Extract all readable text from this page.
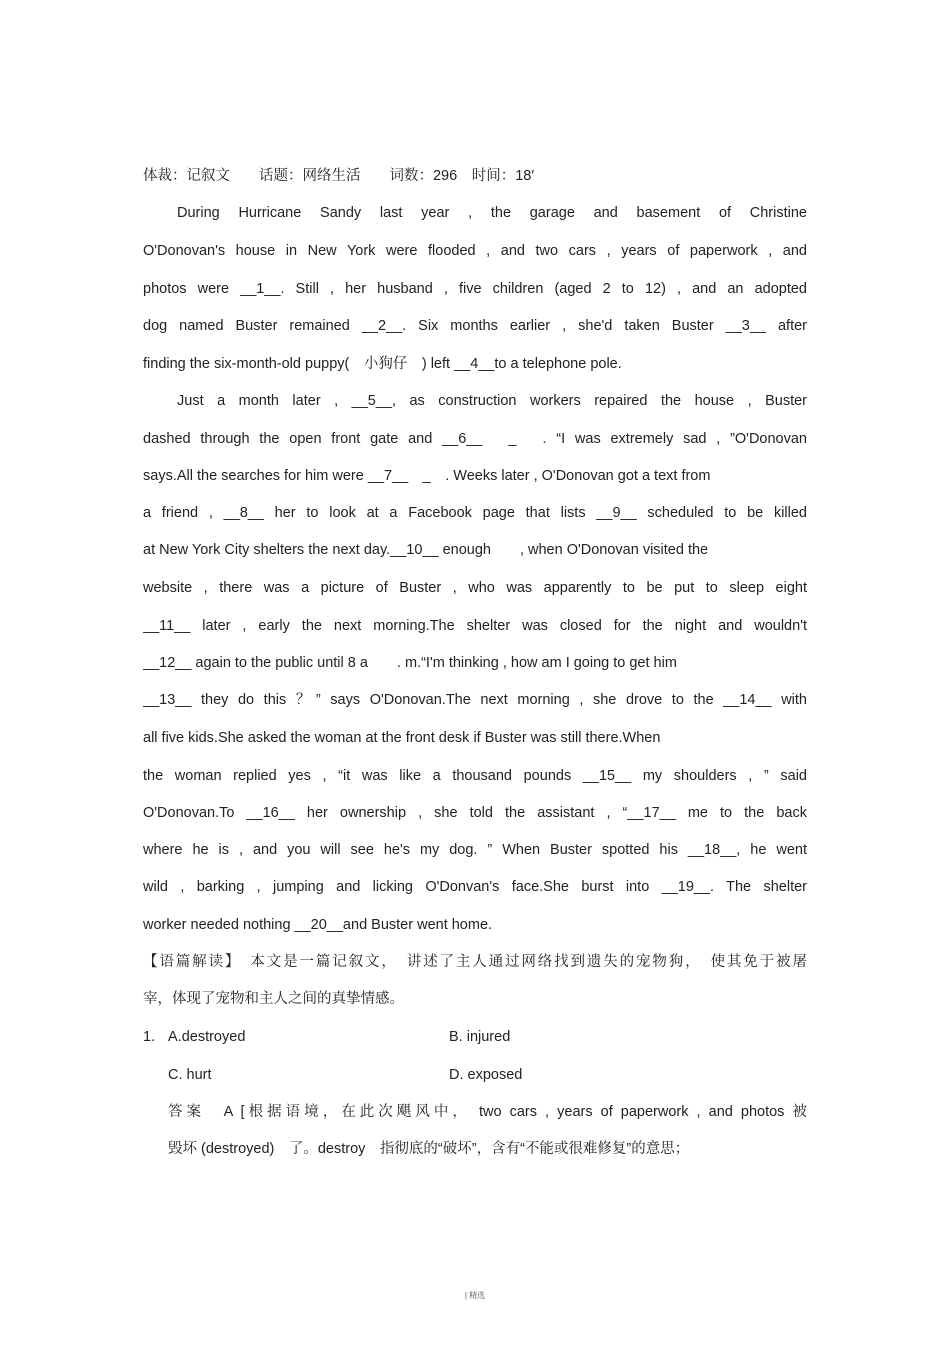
体裁：记叙文　　话题：网络生活　　词数：296　时间：18′
During Hurricane Sandy last year , the garage and basement of Christine
O'Donovan's house in New York were flooded , and two cars , years of paperwork , and
photos were __1__. Still , her husband , five children (aged 2 to 12) , and an adopted
dog named Buster remained __2__. Six months earlier , she'd taken Buster __3__ after
finding the six-month-old puppy(　小狗仔　) left __4__to a telephone pole.
Just a month later , __5__, as construction workers repaired the house , Buster
dashed through the open front gate and __6__　_　. “I was extremely sad , ”O'Donovan
says.All the searches for him were __7__　_　. Weeks later , O'Donovan got a text from
a friend , __8__ her to look at a Facebook page that lists __9__ scheduled to be killed
at New York City shelters the next day.__10__ enough　　, when O'Donovan visited the
website , there was a picture of Buster , who was apparently to be put to sleep eight
__11__ later , early the next morning.The shelter was closed for the night and wouldn't
__12__ again to the public until 8 a　　. m.“I'm thinking , how am I going to get him
__13__ they do this ？” says O'Donovan.The next morning , she drove to the __14__ with
all five kids.She asked the woman at the front desk if Buster was still there.When
the woman replied yes , “it was like a thousand pounds __15__ my shoulders , ” said
O'Donovan.To __16__ her ownership , she told the assistant , “__17__ me to the back
where he is , and you will see he's my dog. ” When Buster spotted his __18__, he went
wild , barking , jumping and licking O'Donvan's face.She burst into __19__. The shelter
worker needed nothing __20__and Buster went home.
【语篇解读】　本文是一篇记叙文，　讲述了主人通过网络找到遗失的宠物狗，　使其免于被屠
宰，体现了宠物和主人之间的真挚情感。
1. A.destroyed	B. injured
C. hurt	D. exposed
答案　A [根据语境，在此次飓风中， two cars , years of paperwork , and photos 被
毁坏 (destroyed)　了。destroy　指彻底的“破坏”，含有“不能或很难修复”的意思；
| 精选
